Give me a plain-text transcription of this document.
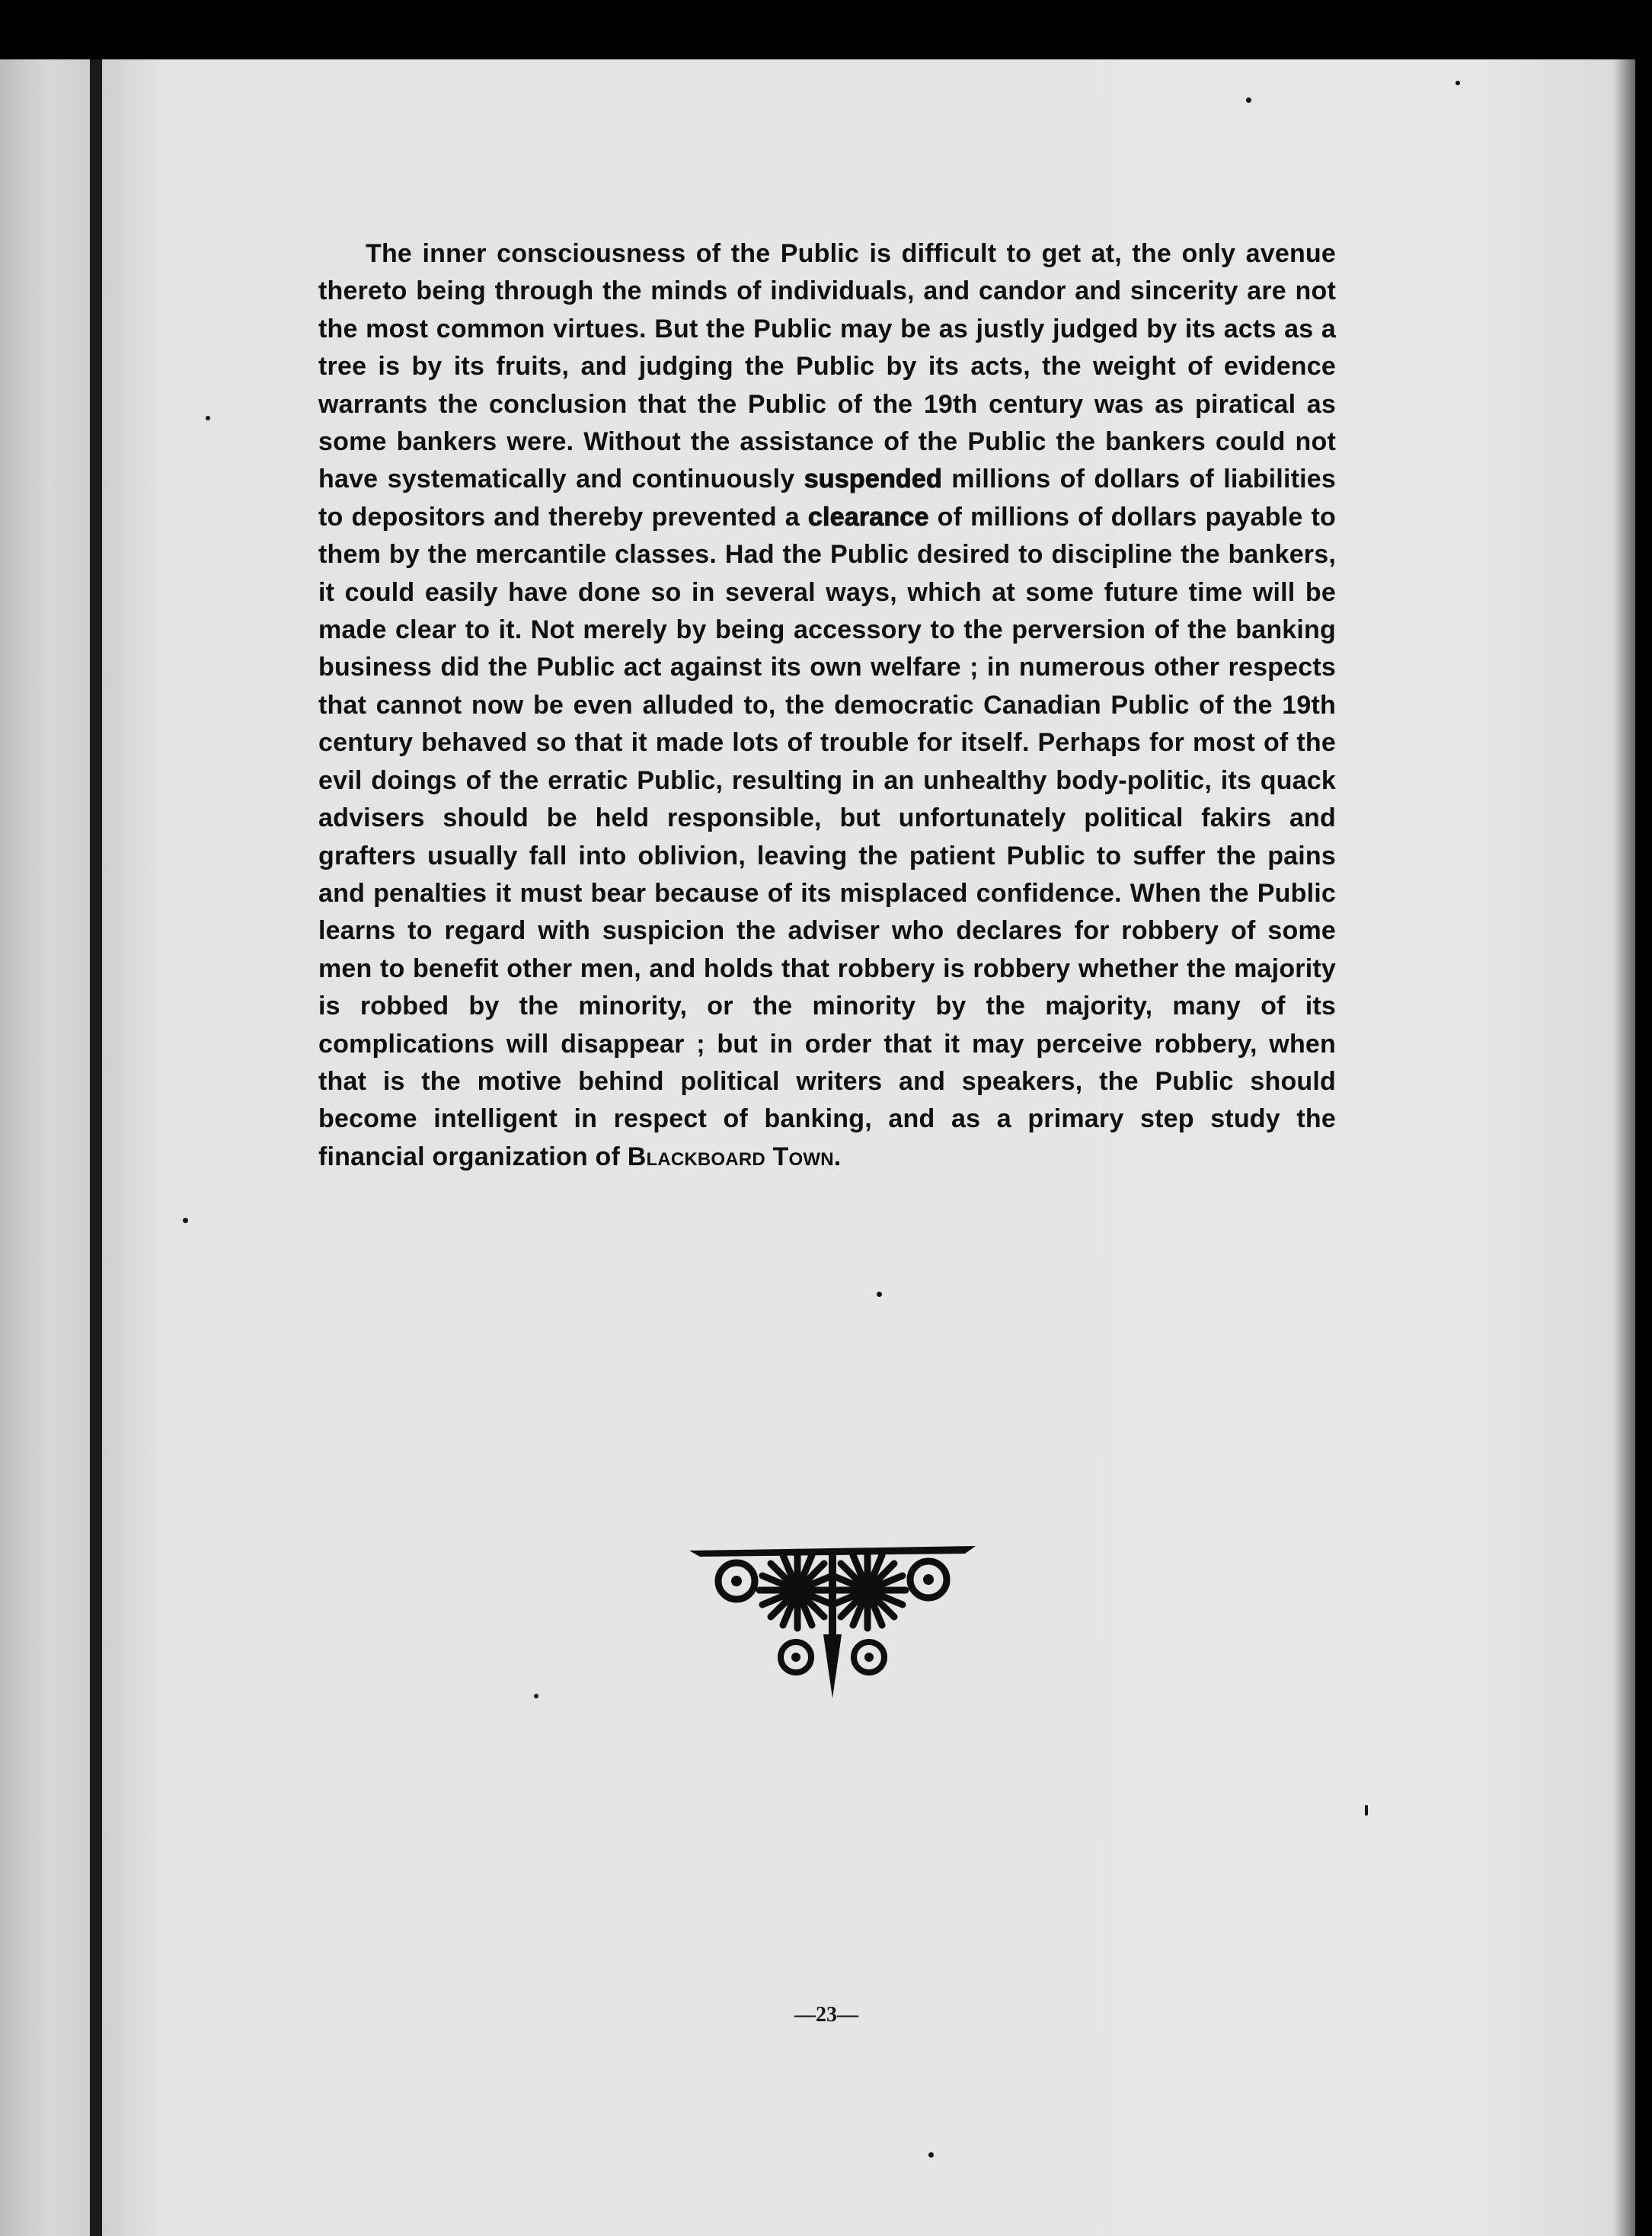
The inner consciousness of the Public is difficult to get at, the only avenue thereto being through the minds of individuals, and candor and sincerity are not the most common virtues. But the Public may be as justly judged by its acts as a tree is by its fruits, and judging the Public by its acts, the weight of evidence warrants the conclusion that the Public of the 19th century was as piratical as some bankers were. Without the assistance of the Public the bankers could not have systematically and continuously suspended millions of dollars of liabilities to depositors and thereby prevented a clearance of millions of dollars payable to them by the mercantile classes. Had the Public desired to discipline the bankers, it could easily have done so in several ways, which at some future time will be made clear to it. Not merely by being accessory to the perversion of the banking business did the Public act against its own welfare ; in numerous other respects that cannot now be even alluded to, the democratic Canadian Public of the 19th century behaved so that it made lots of trouble for itself. Perhaps for most of the evil doings of the erratic Public, resulting in an unhealthy body-politic, its quack advisers should be held responsible, but unfortunately political fakirs and grafters usually fall into oblivion, leaving the patient Public to suffer the pains and penalties it must bear because of its misplaced confidence. When the Public learns to regard with suspicion the adviser who declares for robbery of some men to benefit other men, and holds that robbery is robbery whether the majority is robbed by the minority, or the minority by the majority, many of its complications will disappear ; but in order that it may perceive robbery, when that is the motive behind political writers and speakers, the Public should become intelligent in respect of banking, and as a primary step study the financial organization of Blackboard Town.

—23—
